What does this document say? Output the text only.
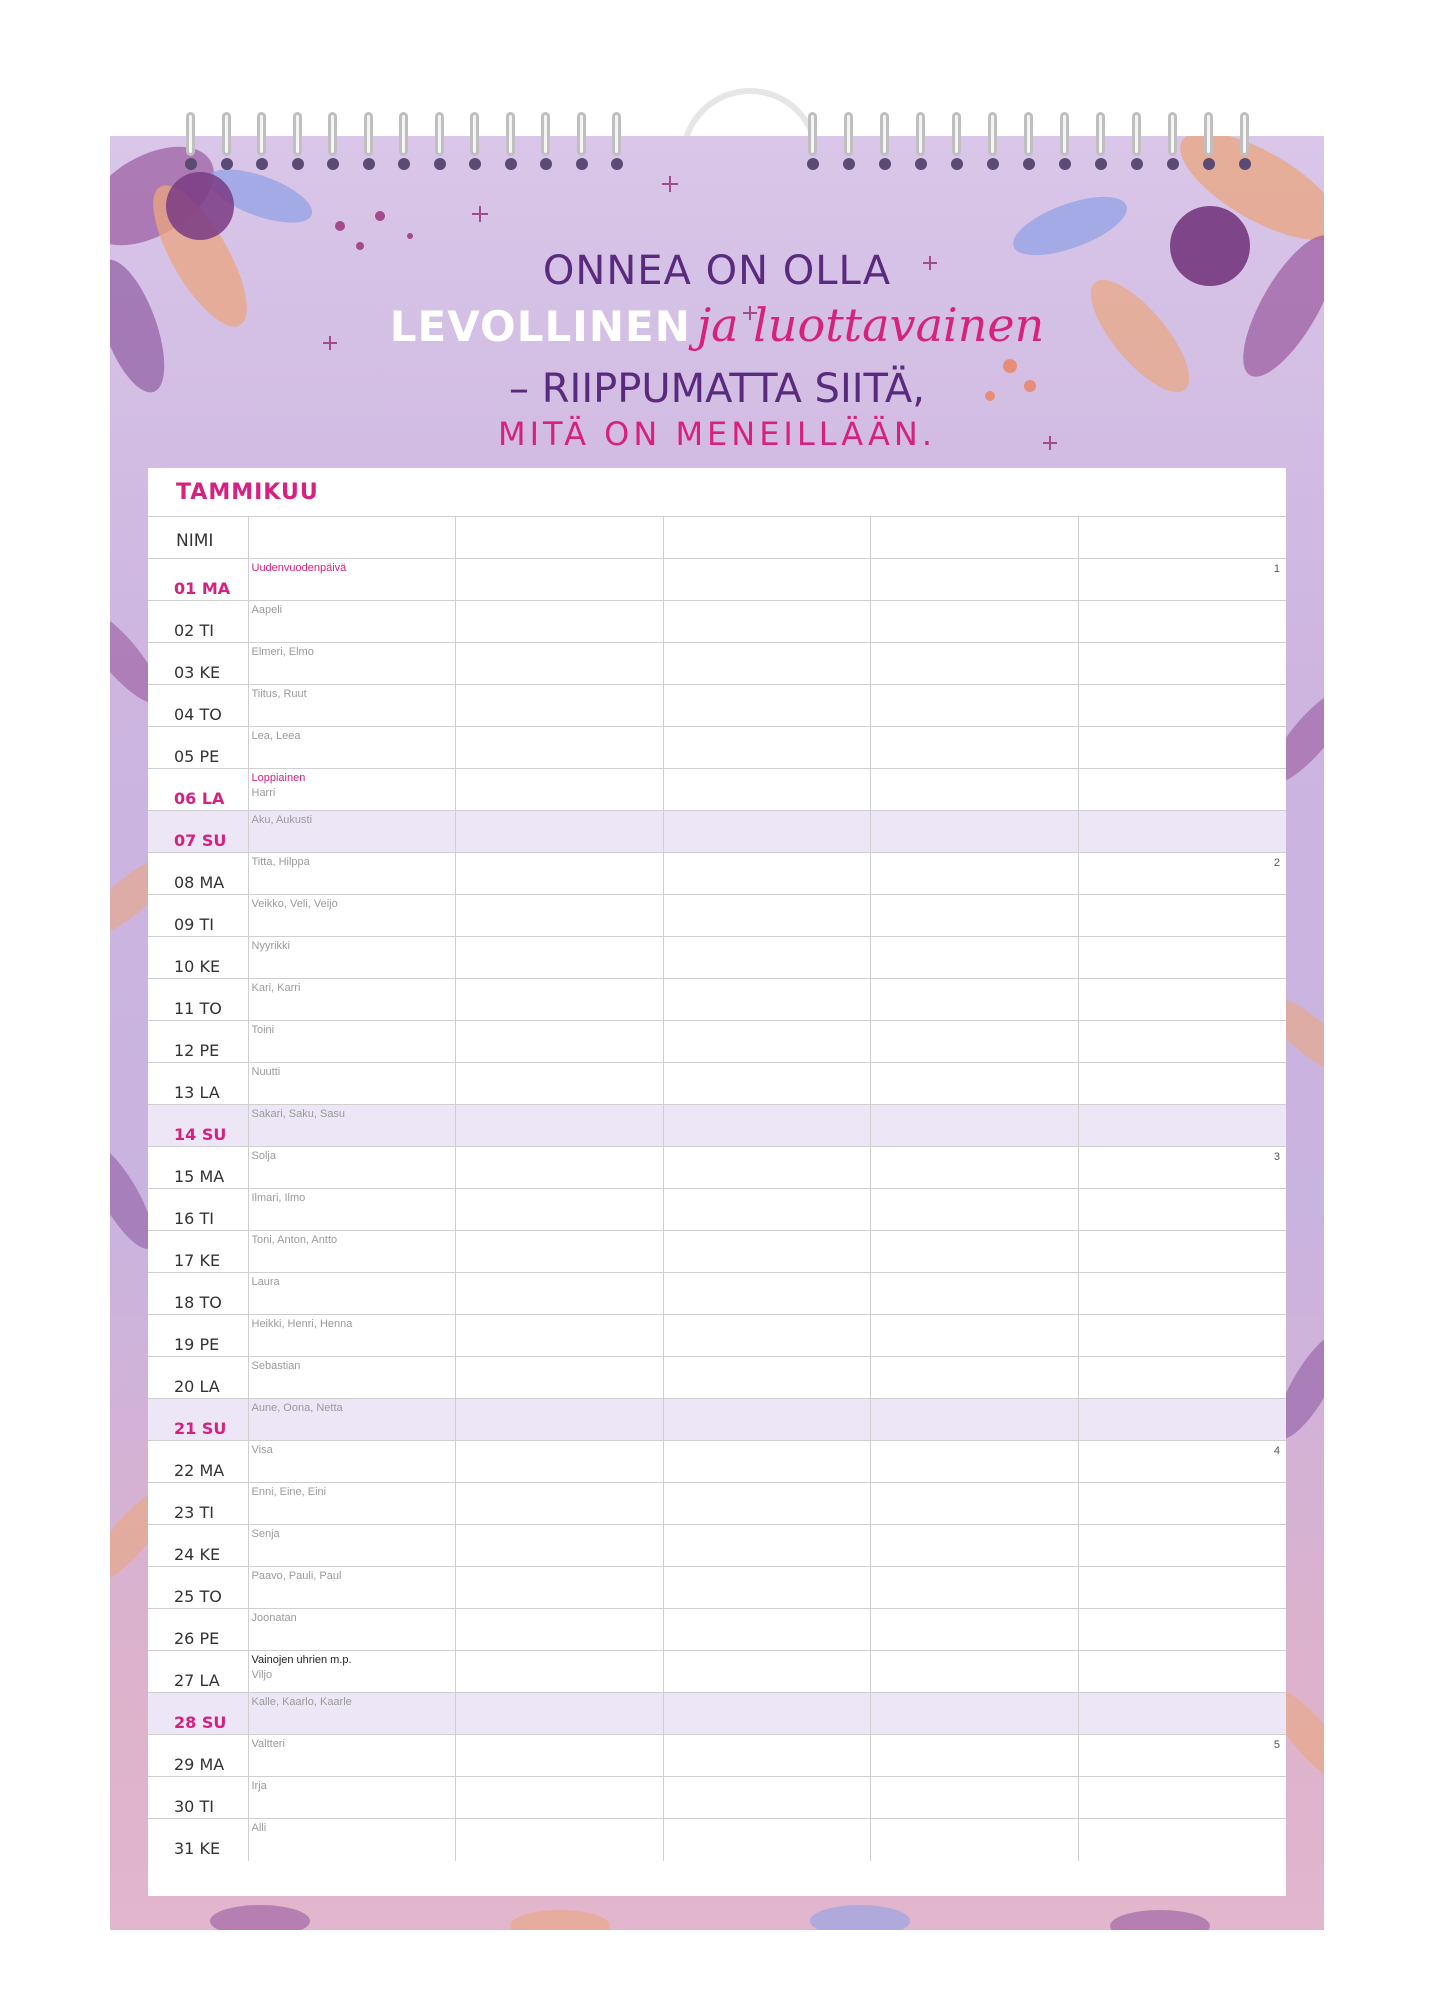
ONNEA ON OLLA
LEVOLLINEN ja luottavainen
– RIIPPUMATTA SIITÄ,
MITÄ ON MENEILLÄÄN.
TAMMIKUU
NIMI					

01 MA	Uudenvuodenpäivä				1

02 TI	Aapeli				

03 KE	Elmeri, Elmo				

04 TO	Tiitus, Ruut				

05 PE	Lea, Leea				

06 LA	Loppiainen
Harri				

07 SU	Aku, Aukusti				

08 MA	Titta, Hilppa				2

09 TI	Veikko, Veli, Veijo				

10 KE	Nyyrikki				

11 TO	Kari, Karri				

12 PE	Toini				

13 LA	Nuutti				

14 SU	Sakari, Saku, Sasu				

15 MA	Solja				3

16 TI	Ilmari, Ilmo				

17 KE	Toni, Anton, Antto				

18 TO	Laura				

19 PE	Heikki, Henri, Henna				

20 LA	Sebastian				

21 SU	Aune, Oona, Netta				

22 MA	Visa				4

23 TI	Enni, Eine, Eini				

24 KE	Senja				

25 TO	Paavo, Pauli, Paul				

26 PE	Joonatan				

27 LA	Vainojen uhrien m.p.
Viljo				

28 SU	Kalle, Kaarlo, Kaarle				

29 MA	Valtteri				5

30 TI	Irja				

31 KE	Alli				
